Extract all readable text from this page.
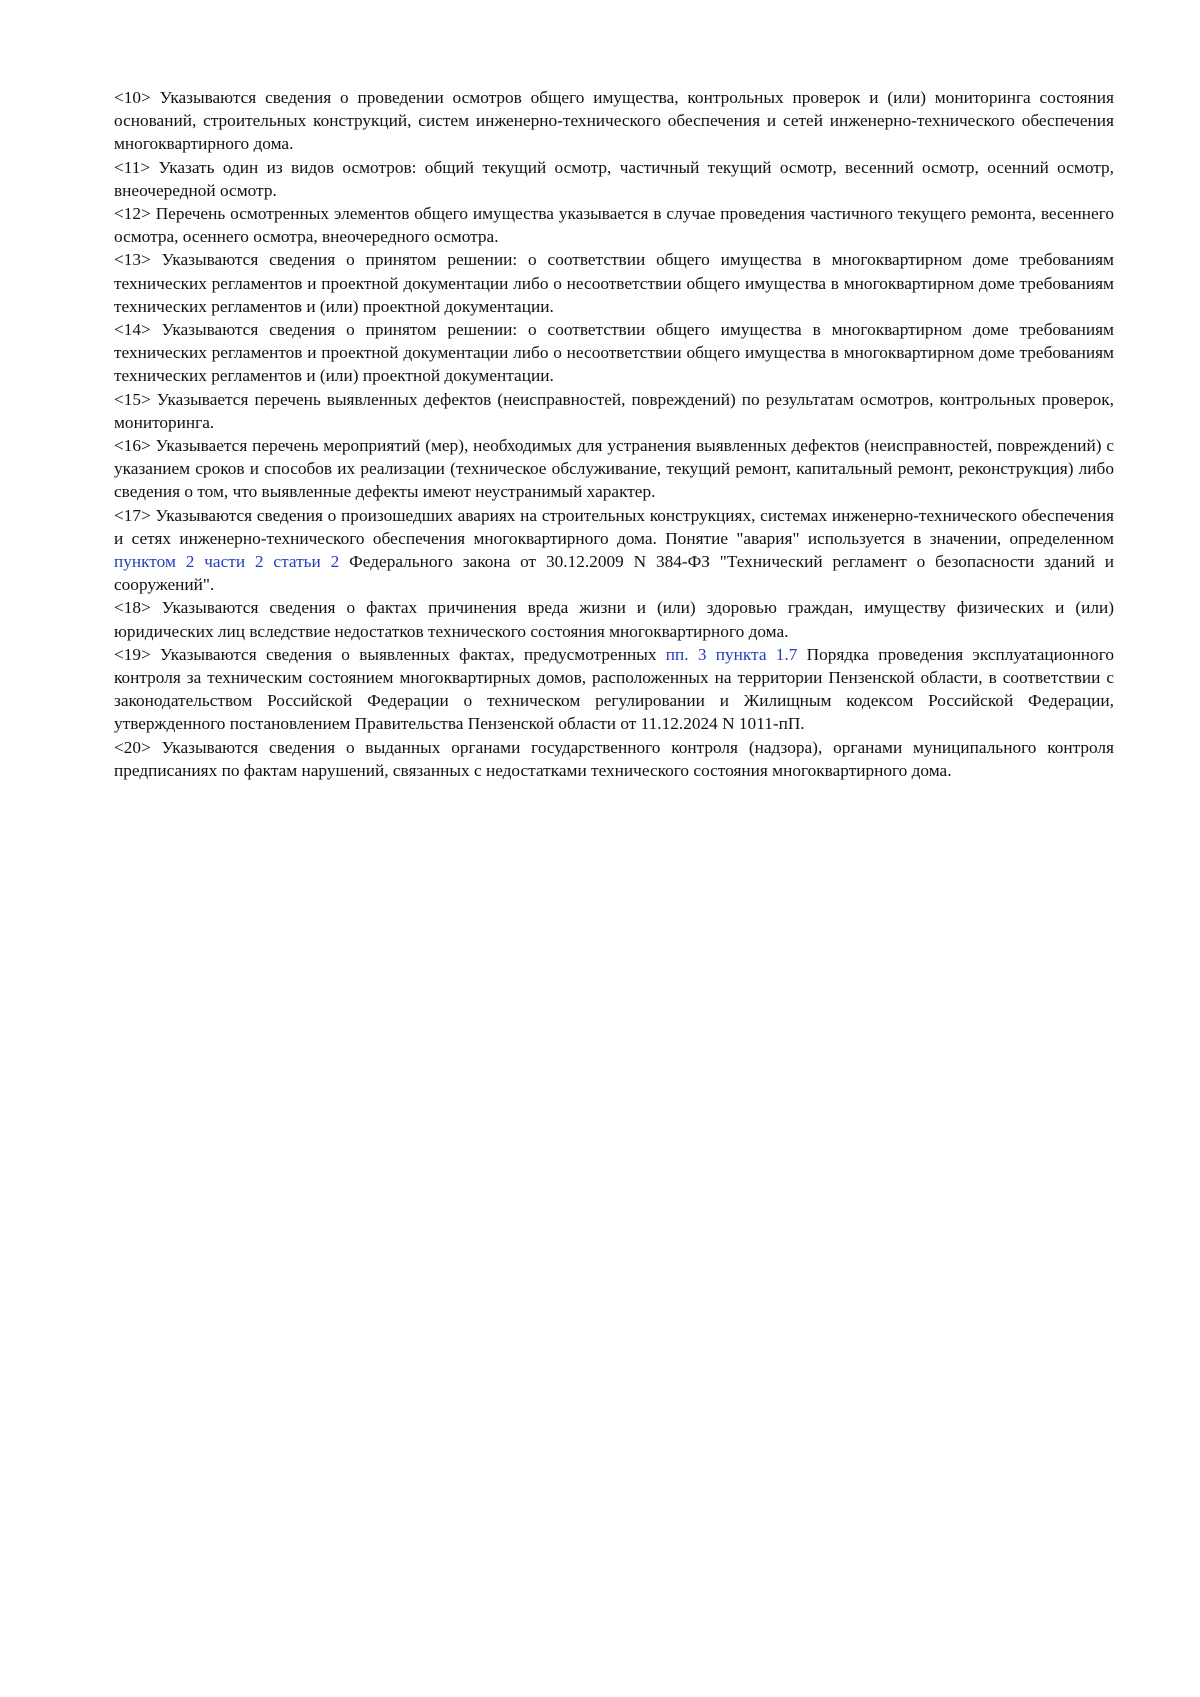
<10> Указываются сведения о проведении осмотров общего имущества, контрольных проверок и (или) мониторинга состояния оснований, строительных конструкций, систем инженерно-технического обеспечения и сетей инженерно-технического обеспечения многоквартирного дома.

<11> Указать один из видов осмотров: общий текущий осмотр, частичный текущий осмотр, весенний осмотр, осенний осмотр, внеочередной осмотр.

<12> Перечень осмотренных элементов общего имущества указывается в случае проведения частичного текущего ремонта, весеннего осмотра, осеннего осмотра, внеочередного осмотра.

<13> Указываются сведения о принятом решении: о соответствии общего имущества в многоквартирном доме требованиям технических регламентов и проектной документации либо о несоответствии общего имущества в многоквартирном доме требованиям технических регламентов и (или) проектной документации.

<14> Указываются сведения о принятом решении: о соответствии общего имущества в многоквартирном доме требованиям технических регламентов и проектной документации либо о несоответствии общего имущества в многоквартирном доме требованиям технических регламентов и (или) проектной документации.

<15> Указывается перечень выявленных дефектов (неисправностей, повреждений) по результатам осмотров, контрольных проверок, мониторинга.

<16> Указывается перечень мероприятий (мер), необходимых для устранения выявленных дефектов (неисправностей, повреждений) с указанием сроков и способов их реализации (техническое обслуживание, текущий ремонт, капитальный ремонт, реконструкция) либо сведения о том, что выявленные дефекты имеют неустранимый характер.

<17> Указываются сведения о произошедших авариях на строительных конструкциях, системах инженерно-технического обеспечения и сетях инженерно-технического обеспечения многоквартирного дома. Понятие "авария" используется в значении, определенном пунктом 2 части 2 статьи 2 Федерального закона от 30.12.2009 N 384-ФЗ "Технический регламент о безопасности зданий и сооружений".

<18> Указываются сведения о фактах причинения вреда жизни и (или) здоровью граждан, имуществу физических и (или) юридических лиц вследствие недостатков технического состояния многоквартирного дома.

<19> Указываются сведения о выявленных фактах, предусмотренных пп. 3 пункта 1.7 Порядка проведения эксплуатационного контроля за техническим состоянием многоквартирных домов, расположенных на территории Пензенской области, в соответствии с законодательством Российской Федерации о техническом регулировании и Жилищным кодексом Российской Федерации, утвержденного постановлением Правительства Пензенской области от 11.12.2024 N 1011-пП.

<20> Указываются сведения о выданных органами государственного контроля (надзора), органами муниципального контроля предписаниях по фактам нарушений, связанных с недостатками технического состояния многоквартирного дома.
